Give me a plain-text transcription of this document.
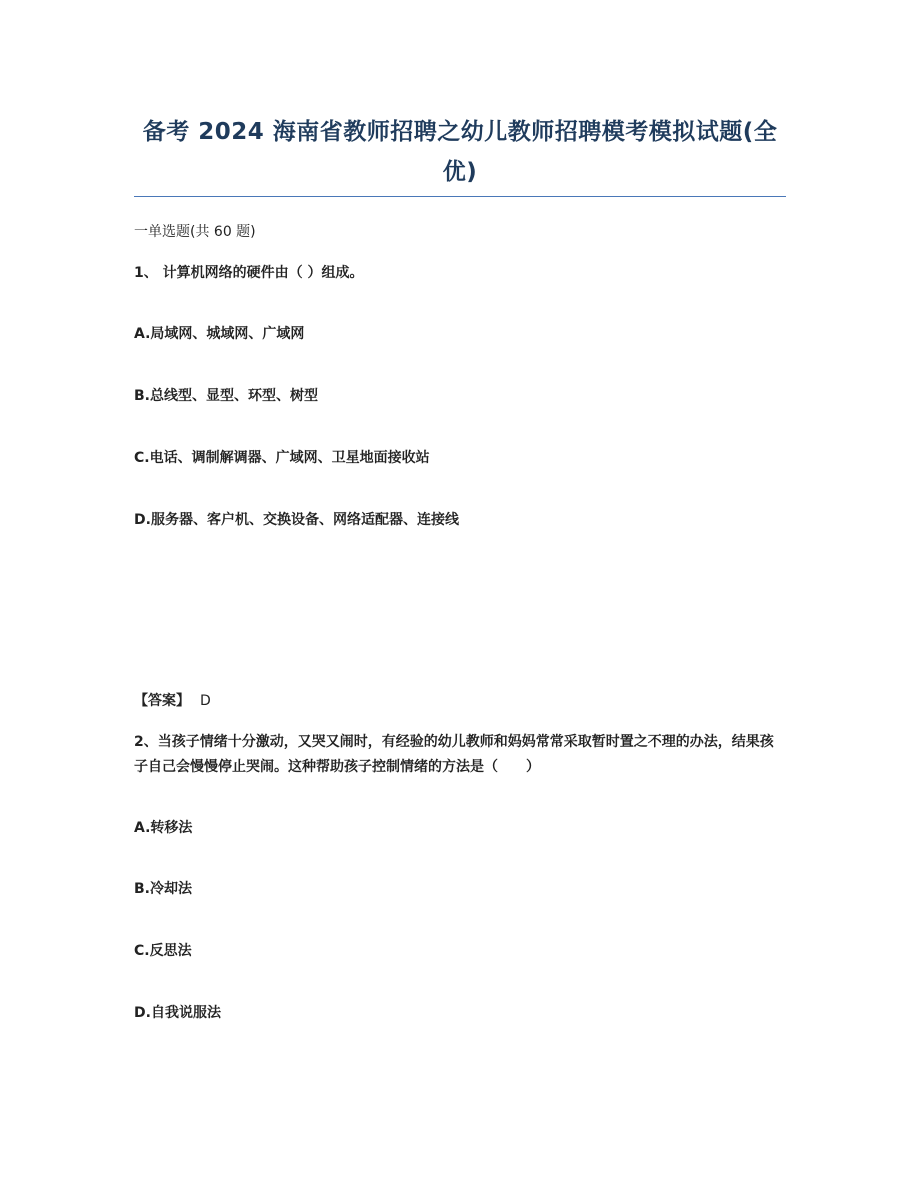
备考 2024 海南省教师招聘之幼儿教师招聘模考模拟试题(全
优)
一单选题(共 60 题)
1、 计算机网络的硬件由（ ）组成。
A.局域网、城域网、广域网
B.总线型、显型、环型、树型
C.电话、调制解调器、广域网、卫星地面接收站
D.服务器、客户机、交换设备、网络适配器、连接线
【答案】 D
2、当孩子情绪十分激动，又哭又闹时，有经验的幼儿教师和妈妈常常采取暂时置之不理的办法，结果孩子自己会慢慢停止哭闹。这种帮助孩子控制情绪的方法是（　　）
A.转移法
B.冷却法
C.反思法
D.自我说服法
